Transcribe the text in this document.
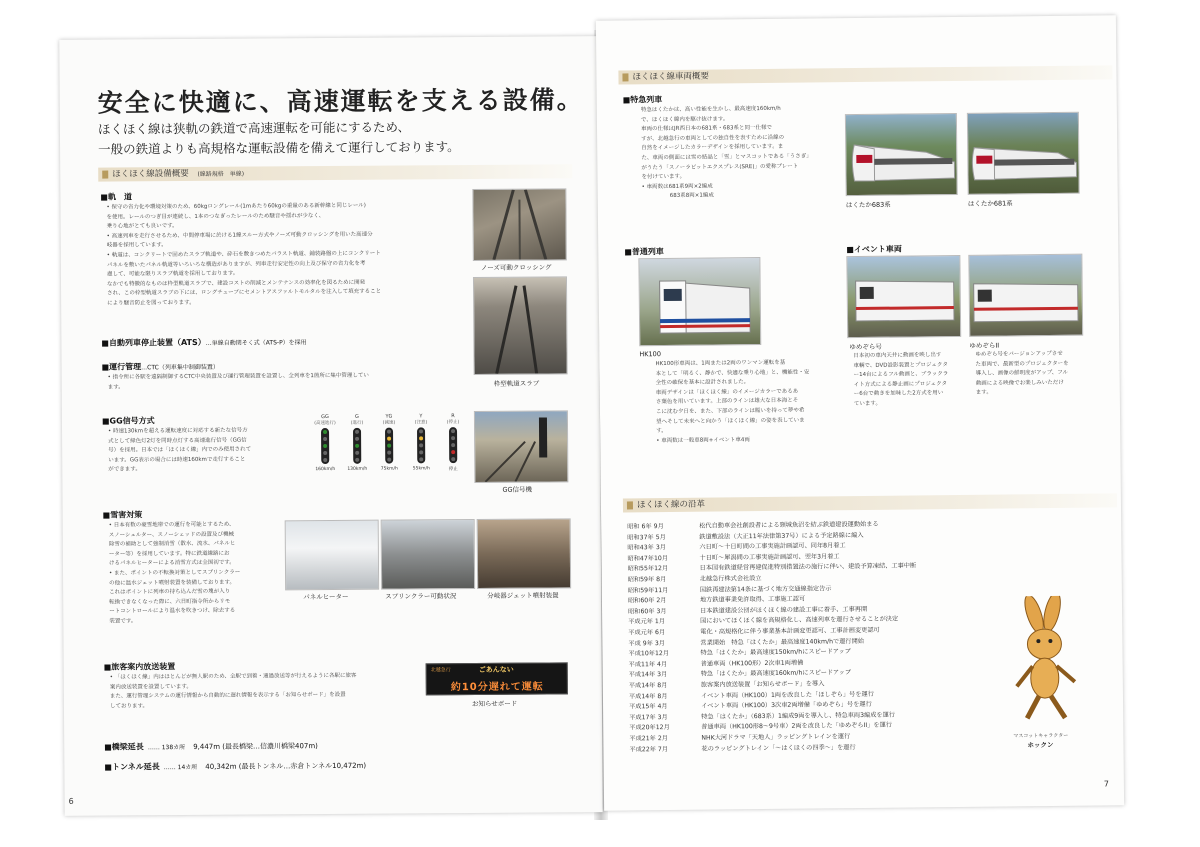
安全に快適に、高速運転を支える設備。
ほくほく線は狭軌の鉄道で高速運転を可能にするため、
一般の鉄道よりも高規格な運転設備を備えて運行しております。
ほくほく線設備概要 (線路規格　単線)
■軌　道
• 保守の省力化や環境対策のため、60kgロングレール(1mあたり60kgの重量のある新幹線と同じレール)
を使用。レールのつぎ目が連続し、1本のつなぎったレールのため騒音や揺れが少なく、
乗り心地がとても良いです。
• 高速列車を走行させるため、中間停車場に於ける1線スルー方式やノーズ可動クロッシングを用いた高速分
岐器を採用しています。
• 軌道は、コンクリートで固めたスラブ軌道や、砕石を敷きつめたバラスト軌道、鋪装路盤の上にコンクリート
パネルを敷いたパネル軌道等いろいろな構造がありますが、列車走行安定性の向上及び保守の省力化を考
慮して、可能な限りスラブ軌道を採用しております。
なかでも特徴的なものは枠型軌道スラブで、建設コストの削減とメンテナンスの効率化を図るために開発
され、この枠型軌道スラブの下には、ロングチューブにセメントアスファルトモルタルを注入して填充すること
により騒音防止を図っております。
ノーズ可動クロッシング
枠型軌道スラブ
■自動列車停止装置（ATS）…単線自動閉そく式（ATS-P）を採用
■運行管理…CTC（列車集中制御装置）
• 指令所に各駅を遠隔制御するCTC中央装置及び運行管理装置を設置し、全列車を1箇所に集中管理してい
ます。
■GG信号方式
• 時速130kmを超える運転速度に対応する新たな信号方
式として緑色灯2灯を同時点灯する高速進行信号（GG信
号）を採用。日本では「ほくほく線」内でのみ使用されて
います。GG表示の場合には時速160kmで走行すること
ができます。
GG
(高速進行)
160km/h
G
(進行)
130km/h
YG
(減速)
75km/h
Y
(注意)
55km/h
R
(停止)
停止
GG信号機
■雪害対策
• 日本有数の豪雪地帯での運行を可能とするため、
スノーシェルター、スノーシェッドの設置及び機械
除雪の補助として強制消雪（散水、流水、パネルヒ
ーター等）を採用しています。特に鉄道線路にお
けるパネルヒーターによる消雪方式は全国初です。
• また、ポイントの不転換対策としてスプリンクラー
の他に温水ジェット噴射装置を装備しております。
これはポイントに列車の持ち込んだ雪の塊が入り
転換できなくなった際に、六日町指令所からリモ
ートコントロールにより温水を吹きつけ、除去する
装置です。
パネルヒーター	スプリンクラー可動状況	分岐器ジェット噴射装置
■旅客案内放送装置
• 「ほくほく線」内はほとんどが無人駅のため、全駅で到着・通過放送等が行えるように各駅に旅客
案内放送装置を設置しています。
また、運行管理システムの運行情報から自動的に遅れ情報を表示する「お知らせボード」を設置
しております。
北越急行	ごあんない
約10分遅れて運転
お知らせボード
■橋梁延長 …… 138カ所 9,447m (最長橋梁…信濃川橋梁407m)
■トンネル延長 …… 14カ所 40,342m (最長トンネル…赤倉トンネル10,472m)
6
ほくほく線車両概要
■特急列車
特急はくたかは、高い性能を生かし、最高速度160km/h
で、ほくほく線内を駆け抜けます。
車両の仕様はJR西日本の681系・683系と同一仕様で
すが、北越急行の車両としての独自性を表すために沿線の
自然をイメージしたカラーデザインを採用しています。ま
た、車両の側面には雪の結晶と「雪」とマスコットである「うさぎ」
がうたう「スノーラビットエクスプレス(SRE)」の愛称プレート
を付けています。
• 車両数は681系9両×2編成
683系8両×1編成
はくたか683系	はくたか681系
■普通列車
HK100
HK100形車両は、1両または2両のワンマン運転を基
本として「明るく、静かで、快適な乗り心地」と、機能性・安
全性の確保を基本に設計されました。
車両デザインは「ほくほく線」のイメージカラーであるあ
さ葉色を用いています。上部のラインは雄大な日本海とそ
こに沈む夕日を、また、下部のラインは賑いを持って夢や希
望へそして未来へと向かう「ほくほく線」の姿を表していま
す。
• 車両数は一般車8両+イベント車4両
■イベント車両
ゆめぞら号	ゆめぞらII
日本初の車内天井に動画を映し出す
車輌で、DVD設影装置とプロジェクタ
ー14台によるフル動画と、ブラックラ
イト方式による静止画にプロジェクタ
ー6台で動きを加味した2方式を用い
ています。
ゆめぞら号をバージョンアップさせ
た車両で、最新型のプロジェクターを
導入し、画像の鮮明度がアップ、フル
動画による映像でお楽しみいただけ
ます。
ほくほく線の沿革
昭和 6年 9月	松代自動車会社創設者による頸城魚沼を結ぶ鉄道建設運動始まる
昭和37年 5月	鉄道敷設法（大正11年法律第37号）による予定路線に編入
昭和43年 3月	六日町〜十日町間の工事実施計画認可、同年8月着工
昭和47年10月	十日町〜犀潟間の工事実施計画認可、翌年3月着工
昭和55年12月	日本国有鉄道経営再建促進特別措置法の施行に伴い、建設予算凍結、工事中断
昭和59年 8月	北越急行株式会社設立
昭和59年11月	国鉄再建法第14条に基づく地方交通線指定告示
昭和60年 2月	地方鉄道事業免許取得、工事施工認可
昭和60年 3月	日本鉄道建設公団がほくほく線の建設工事に着手、工事再開
平成元年 1月	国においてほくほく線を高規格化し、高速列車を運行させることが決定
平成元年 6月	電化・高規格化に伴う事業基本計画変更認可、工事計画変更認可
平成 9年 3月	営業開始　特急「はくたか」最高速度140km/hで運行開始
平成10年12月	特急「はくたか」最高速度150km/hにスピードアップ
平成11年 4月	普通車両（HK100形）2次車1両増備
平成14年 3月	特急「はくたか」最高速度160km/hにスピードアップ
平成14年 8月	旅客案内放送装置「お知らせボード」を導入
平成14年 8月	イベント車両（HK100）1両を改良した「ほしぞら」号を運行
平成15年 4月	イベント車両（HK100）3次車2両増備「ゆめぞら」号を運行
平成17年 3月	特急「はくたか」（683系）1編成9両を導入し、特急車両3編成を運行
平成20年12月	普通車両（HK100形8〜9号車）2両を改良した「ゆめぞらII」を運行
平成21年 2月	NHK大河ドラマ「天地人」ラッピングトレインを運行
平成22年 7月	花のラッピングトレイン「〜はくほくの四季〜」を運行
マスコットキャラクター
ホックン
7
